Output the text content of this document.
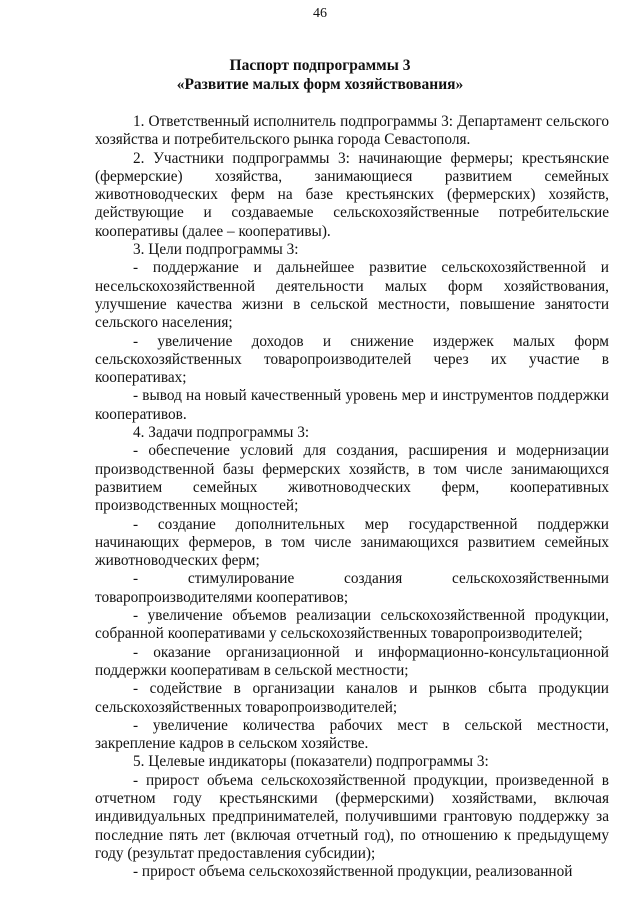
46
Паспорт подпрограммы 3
«Развитие малых форм хозяйствования»

1. Ответственный исполнитель подпрограммы 3: Департамент сельского хозяйства и потребительского рынка города Севастополя.

2. Участники подпрограммы 3: начинающие фермеры; крестьянские (фермерские) хозяйства, занимающиеся развитием семейных животноводческих ферм на базе крестьянских (фермерских) хозяйств, действующие и создаваемые сельскохозяйственные потребительские кооперативы (далее – кооперативы).

3. Цели подпрограммы 3:

- поддержание и дальнейшее развитие сельскохозяйственной и несельскохозяйственной деятельности малых форм хозяйствования, улучшение качества жизни в сельской местности, повышение занятости сельского населения;

- увеличение доходов и снижение издержек малых форм сельскохозяйственных товаропроизводителей через их участие в кооперативах;

- вывод на новый качественный уровень мер и инструментов поддержки кооперативов.

4. Задачи подпрограммы 3:

- обеспечение условий для создания, расширения и модернизации производственной базы фермерских хозяйств, в том числе занимающихся развитием семейных животноводческих ферм, кооперативных производственных мощностей;

- создание дополнительных мер государственной поддержки начинающих фермеров, в том числе занимающихся развитием семейных животноводческих ферм;

- стимулирование создания сельскохозяйственными товаропроизводителями кооперативов;

- увеличение объемов реализации сельскохозяйственной продукции, собранной кооперативами у сельскохозяйственных товаропроизводителей;

- оказание организационной и информационно-консультационной поддержки кооперативам в сельской местности;

- содействие в организации каналов и рынков сбыта продукции сельскохозяйственных товаропроизводителей;

- увеличение количества рабочих мест в сельской местности, закрепление кадров в сельском хозяйстве.

5. Целевые индикаторы (показатели) подпрограммы 3:

- прирост объема сельскохозяйственной продукции, произведенной в отчетном году крестьянскими (фермерскими) хозяйствами, включая индивидуальных предпринимателей, получившими грантовую поддержку за последние пять лет (включая отчетный год), по отношению к предыдущему году (результат предоставления субсидии);

- прирост объема сельскохозяйственной продукции, реализованной
